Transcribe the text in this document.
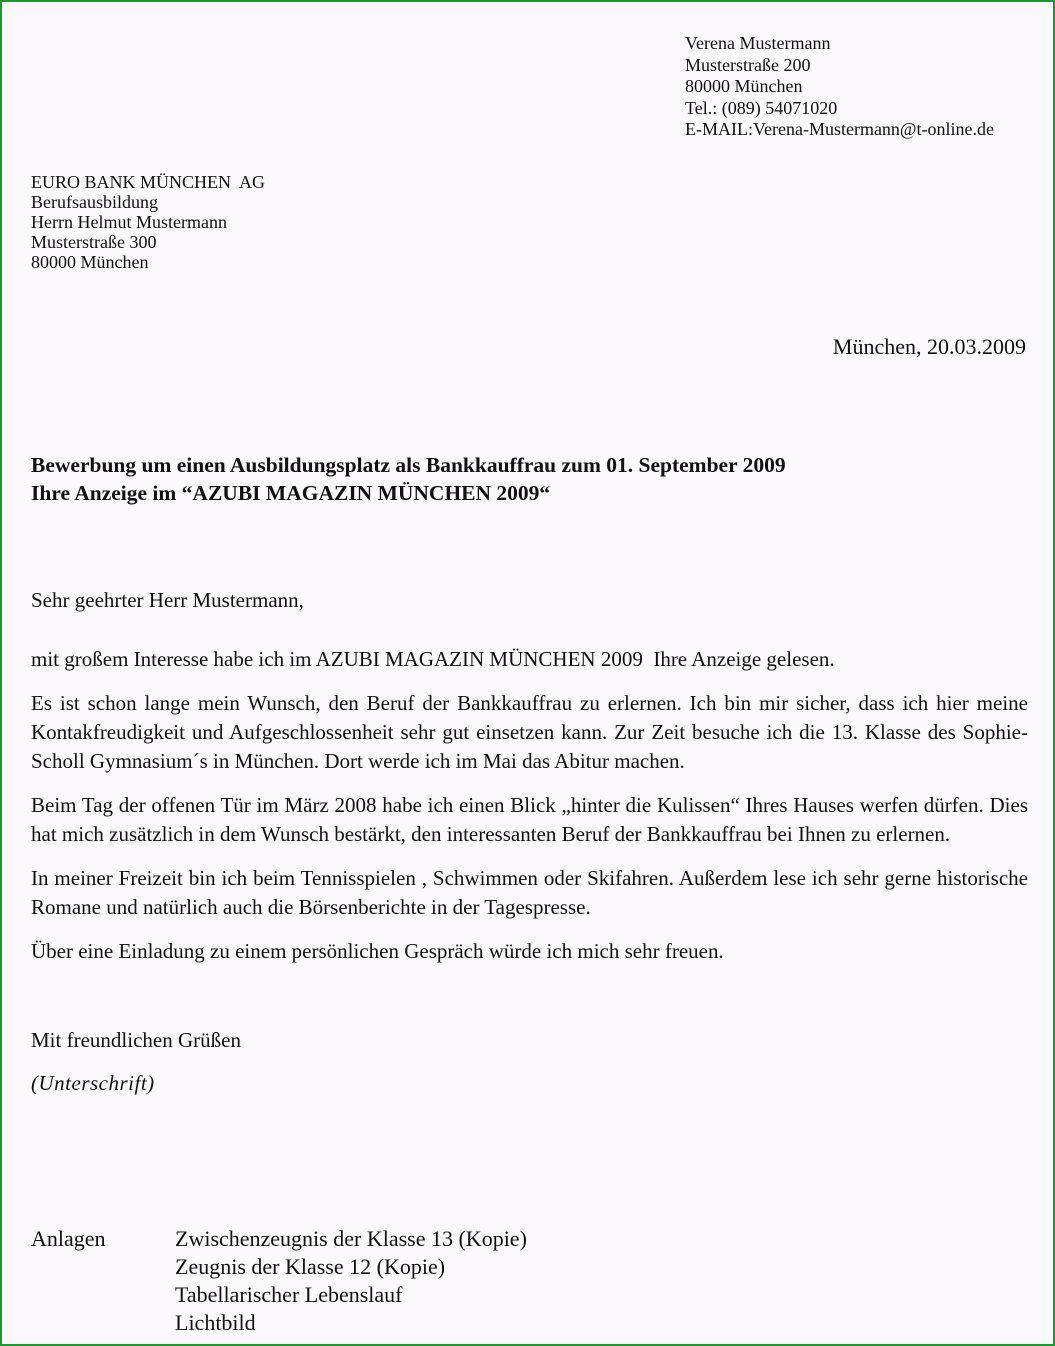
Verena Mustermann
Musterstraße 200
80000 München
Tel.: (089) 54071020
E-MAIL:Verena-Mustermann@t-online.de
EURO BANK MÜNCHEN  AG
Berufsausbildung
Herrn Helmut Mustermann
Musterstraße 300
80000 München
München, 20.03.2009
Bewerbung um einen Ausbildungsplatz als Bankkauffrau zum 01. September 2009
Ihre Anzeige im “AZUBI MAGAZIN MÜNCHEN 2009“
Sehr geehrter Herr Mustermann,

mit großem Interesse habe ich im AZUBI MAGAZIN MÜNCHEN 2009  Ihre Anzeige gelesen.

Es ist schon lange mein Wunsch, den Beruf der Bankkauffrau zu erlernen. Ich bin mir sicher, dass ich hier meine Kontakfreudigkeit und Aufgeschlossenheit sehr gut einsetzen kann. Zur Zeit besuche ich die 13. Klasse des Sophie-Scholl Gymnasium´s in München. Dort werde ich im Mai das Abitur machen.

Beim Tag der offenen Tür im März 2008 habe ich einen Blick „hinter die Kulissen“ Ihres Hauses werfen dürfen. Dies hat mich zusätzlich in dem Wunsch bestärkt, den interessanten Beruf der Bankkauffrau bei Ihnen zu erlernen.

In meiner Freizeit bin ich beim Tennisspielen , Schwimmen oder Skifahren. Außerdem lese ich sehr gerne historische Romane und natürlich auch die Börsenberichte in der Tagespresse.

Über eine Einladung zu einem persönlichen Gespräch würde ich mich sehr freuen.

Mit freundlichen Grüßen
(Unterschrift)
Anlagen	Zwischenzeugnis der Klasse 13 (Kopie)
Zeugnis der Klasse 12 (Kopie)
Tabellarischer Lebenslauf
Lichtbild
